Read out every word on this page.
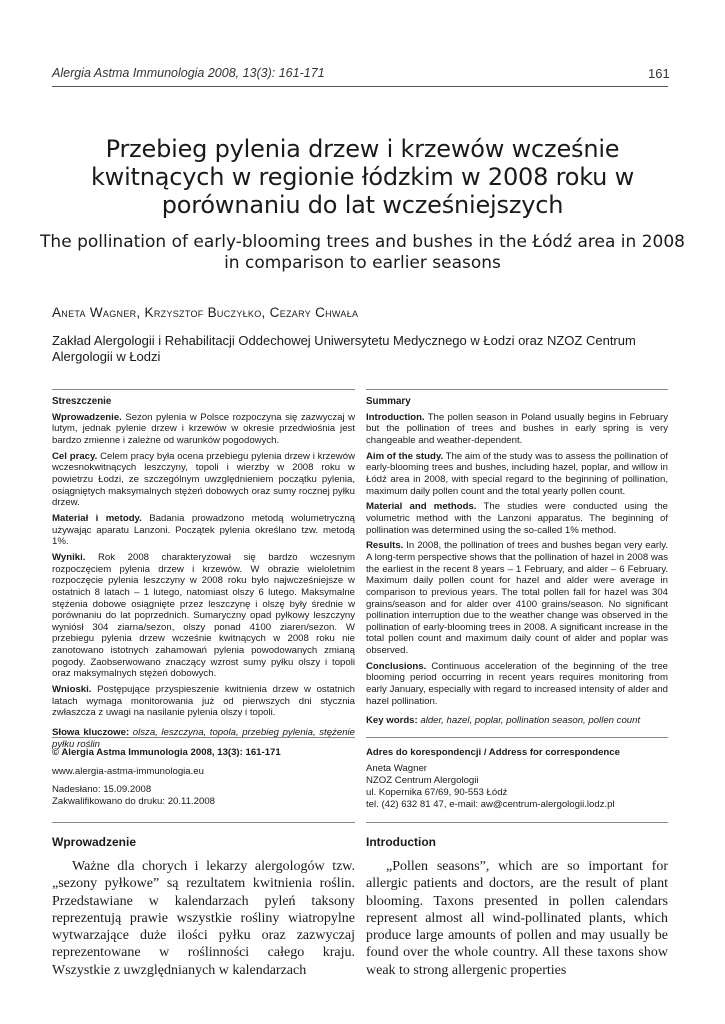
Alergia Astma Immunologia 2008, 13(3): 161-171	161
Przebieg pylenia drzew i krzewów wcześnie kwitnących w regionie łódzkim w 2008 roku w porównaniu do lat wcześniejszych
The pollination of early-blooming trees and bushes in the Łódź area in 2008 in comparison to earlier seasons
Aneta Wagner, Krzysztof Buczyłko, Cezary Chwała
Zakład Alergologii i Rehabilitacji Oddechowej Uniwersytetu Medycznego w Łodzi oraz NZOZ Centrum Alergologii w Łodzi

Streszczenie

Wprowadzenie. Sezon pylenia w Polsce rozpoczyna się zazwyczaj w lutym, jednak pylenie drzew i krzewów w okresie przedwiośnia jest bardzo zmienne i zależne od warunków pogodowych.

Cel pracy. Celem pracy była ocena przebiegu pylenia drzew i krzewów wczesnokwitnących leszczyny, topoli i wierzby w 2008 roku w powietrzu Łodzi, ze szczególnym uwzględnieniem początku pylenia, osiągniętych maksymalnych stężeń dobowych oraz sumy rocznej pyłku drzew.

Materiał i metody. Badania prowadzono metodą wolumetryczną używając aparatu Lanzoni. Początek pylenia określano tzw. metodą 1%.

Wyniki. Rok 2008 charakteryzował się bardzo wczesnym rozpoczęciem pylenia drzew i krzewów. W obrazie wieloletnim rozpoczęcie pylenia leszczyny w 2008 roku było najwcześniejsze w ostatnich 8 latach – 1 lutego, natomiast olszy 6 lutego. Maksymalne stężenia dobowe osiągnięte przez leszczynę i olszę były średnie w porównaniu do lat poprzednich. Sumaryczny opad pyłkowy leszczyny wyniósł 304 ziarna/sezon, olszy ponad 4100 ziaren/sezon. W przebiegu pylenia drzew wcześnie kwitnących w 2008 roku nie zanotowano istotnych zahamowań pylenia powodowanych zmianą pogody. Zaobserwowano znaczący wzrost sumy pyłku olszy i topoli oraz maksymalnych stężeń dobowych.

Wnioski. Postępujące przyspieszenie kwitnienia drzew w ostatnich latach wymaga monitorowania już od pierwszych dni stycznia zwłaszcza z uwagi na nasilanie pylenia olszy i topoli.

Słowa kluczowe: olsza, leszczyna, topola, przebieg pylenia, stężenie pyłku roślin

Summary

Introduction. The pollen season in Poland usually begins in February but the pollination of trees and bushes in early spring is very changeable and weather-dependent.

Aim of the study. The aim of the study was to assess the pollination of early-blooming trees and bushes, including hazel, poplar, and willow in Łódź area in 2008, with special regard to the beginning of pollination, maximum daily pollen count and the total yearly pollen count.

Material and methods. The studies were conducted using the volumetric method with the Lanzoni apparatus. The beginning of pollination was determined using the so-called 1% method.

Results. In 2008, the pollination of trees and bushes began very early. A long-term perspective shows that the pollination of hazel in 2008 was the earliest in the recent 8 years – 1 February, and alder – 6 February. Maximum daily pollen count for hazel and alder were average in comparison to previous years. The total pollen fall for hazel was 304 grains/season and for alder over 4100 grains/season. No significant pollination interruption due to the weather change was observed in the pollination of early-blooming trees in 2008. A significant increase in the total pollen count and maximum daily count of alder and poplar was observed.

Conclusions. Continuous acceleration of the beginning of the tree blooming period occurring in recent years requires monitoring from early January, especially with regard to increased intensity of alder and hazel pollination.

Key words: alder, hazel, poplar, pollination season, pollen count

© Alergia Astma Immunologia 2008, 13(3): 161-171
www.alergia-astma-immunologia.eu
Nadesłano: 15.09.2008
Zakwalifikowano do druku: 20.11.2008
Adres do korespondencji / Address for correspondence
Aneta Wagner
NZOZ Centrum Alergologii
ul. Kopernika 67/69, 90-553 Łódź
tel. (42) 632 81 47, e-mail: aw@centrum-alergologii.lodz.pl
Wprowadzenie

Ważne dla chorych i lekarzy alergologów tzw. „sezony pyłkowe” są rezultatem kwitnienia roślin. Przedstawiane w kalendarzach pyleń taksony reprezentują prawie wszystkie rośliny wiatropylne wytwarzające duże ilości pyłku oraz zazwyczaj reprezentowane w roślinności całego kraju. Wszystkie z uwzględnianych w kalendarzach

Introduction

„Pollen seasons”, which are so important for allergic patients and doctors, are the result of plant blooming. Taxons presented in pollen calendars represent almost all wind-pollinated plants, which produce large amounts of pollen and may usually be found over the whole country. All these taxons show weak to strong allergenic properties
